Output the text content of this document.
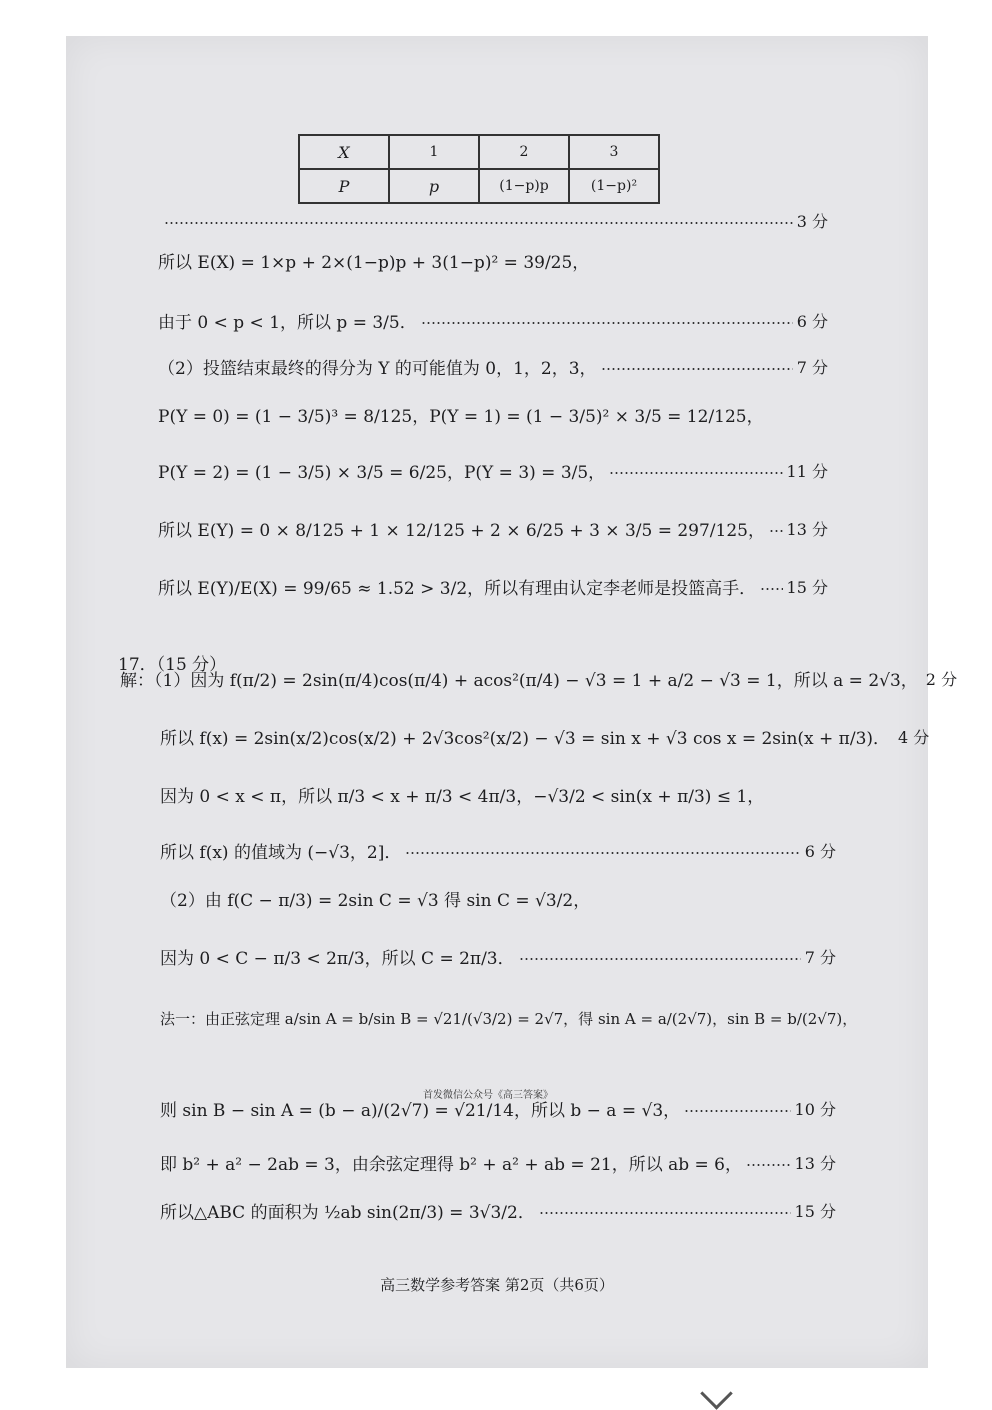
X	1	2	3
P	p	(1−p)p	(1−p)²
3 分
所以 E(X) = 1×p + 2×(1−p)p + 3(1−p)² = 39/25，
由于 0 < p < 1，所以 p = 3/5．	6 分
（2）投篮结束最终的得分为 Y 的可能值为 0，1，2，3，	7 分
P(Y = 0) = (1 − 3/5)³ = 8/125，P(Y = 1) = (1 − 3/5)² × 3/5 = 12/125，
P(Y = 2) = (1 − 3/5) × 3/5 = 6/25，P(Y = 3) = 3/5，	11 分
所以 E(Y) = 0 × 8/125 + 1 × 12/125 + 2 × 6/25 + 3 × 3/5 = 297/125， 13 分
所以 E(Y)/E(X) = 99/65 ≈ 1.52 > 3/2，所以有理由认定李老师是投篮高手． 15 分
17．（15 分）
解：（1）因为 f(π/2) = 2sin(π/4)cos(π/4) + acos²(π/4) − √3 = 1 + a/2 − √3 = 1，所以 a = 2√3， 2 分
所以 f(x) = 2sin(x/2)cos(x/2) + 2√3cos²(x/2) − √3 = sin x + √3 cos x = 2sin(x + π/3)． 4 分
因为 0 < x < π，所以 π/3 < x + π/3 < 4π/3，−√3/2 < sin(x + π/3) ≤ 1，
所以 f(x) 的值域为 (−√3，2]．	6 分
（2）由 f(C − π/3) = 2sin C = √3 得 sin C = √3/2，
因为 0 < C − π/3 < 2π/3，所以 C = 2π/3．	7 分
法一：由正弦定理 a/sin A = b/sin B = √21/(√3/2) = 2√7，得 sin A = a/(2√7)，sin B = b/(2√7)，
首发微信公众号《高三答案》
则 sin B − sin A = (b − a)/(2√7) = √21/14，所以 b − a = √3，	10 分
即 b² + a² − 2ab = 3，由余弦定理得 b² + a² + ab = 21，所以 ab = 6，	13 分
所以△ABC 的面积为 ½ab sin(2π/3) = 3√3/2．	15 分
高三数学参考答案 第2页（共6页）
